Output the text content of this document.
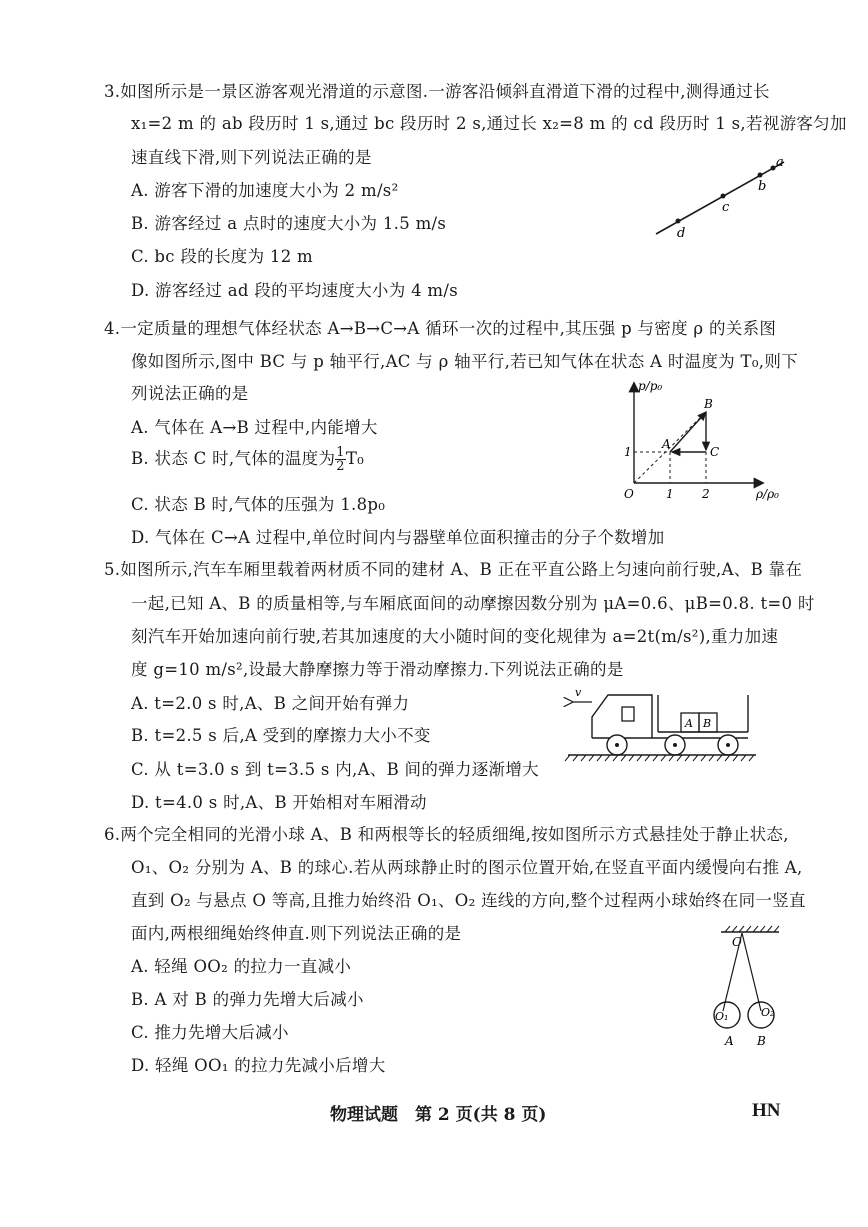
3.如图所示是一景区游客观光滑道的示意图.一游客沿倾斜直滑道下滑的过程中,测得通过长
x₁=2 m 的 ab 段历时 1 s,通过 bc 段历时 2 s,通过长 x₂=8 m 的 cd 段历时 1 s,若视游客匀加
速直线下滑,则下列说法正确的是
A. 游客下滑的加速度大小为 2 m/s²
B. 游客经过 a 点时的速度大小为 1.5 m/s
C. bc 段的长度为 12 m
D. 游客经过 ad 段的平均速度大小为 4 m/s
a
b
c
d
4.一定质量的理想气体经状态 A→B→C→A 循环一次的过程中,其压强 p 与密度 ρ 的关系图
像如图所示,图中 BC 与 p 轴平行,AC 与 ρ 轴平行,若已知气体在状态 A 时温度为 T₀,则下
列说法正确的是
A. 气体在 A→B 过程中,内能增大
B. 状态 C 时,气体的温度为 $\frac{1}{2} T_0$
C. 状态 B 时,气体的压强为 1.8p₀
D. 气体在 C→A 过程中,单位时间内与器壁单位面积撞击的分子个数增加
p/p₀
ρ/ρ₀
O	1 2
1
A
B
C
5.如图所示,汽车车厢里载着两材质不同的建材 A、B 正在平直公路上匀速向前行驶,A、B 靠在
一起,已知 A、B 的质量相等,与车厢底面间的动摩擦因数分别为 μA=0.6、μB=0.8. t=0 时
刻汽车开始加速向前行驶,若其加速度的大小随时间的变化规律为 a=2t(m/s²),重力加速
度 g=10 m/s²,设最大静摩擦力等于滑动摩擦力.下列说法正确的是
A. t=2.0 s 时,A、B 之间开始有弹力
B. t=2.5 s 后,A 受到的摩擦力大小不变
C. 从 t=3.0 s 到 t=3.5 s 内,A、B 间的弹力逐渐增大
D. t=4.0 s 时,A、B 开始相对车厢滑动
v
A B
6.两个完全相同的光滑小球 A、B 和两根等长的轻质细绳,按如图所示方式悬挂处于静止状态,
O₁、O₂ 分别为 A、B 的球心.若从两球静止时的图示位置开始,在竖直平面内缓慢向右推 A,
直到 O₂ 与悬点 O 等高,且推力始终沿 O₁、O₂ 连线的方向,整个过程两小球始终在同一竖直
面内,两根细绳始终伸直.则下列说法正确的是
A. 轻绳 OO₂ 的拉力一直减小
B. A 对 B 的弹力先增大后减小
C. 推力先增大后减小
D. 轻绳 OO₁ 的拉力先减小后增大
O
O₁	O₂
A B
物理试题　第 2 页(共 8 页)	HN
